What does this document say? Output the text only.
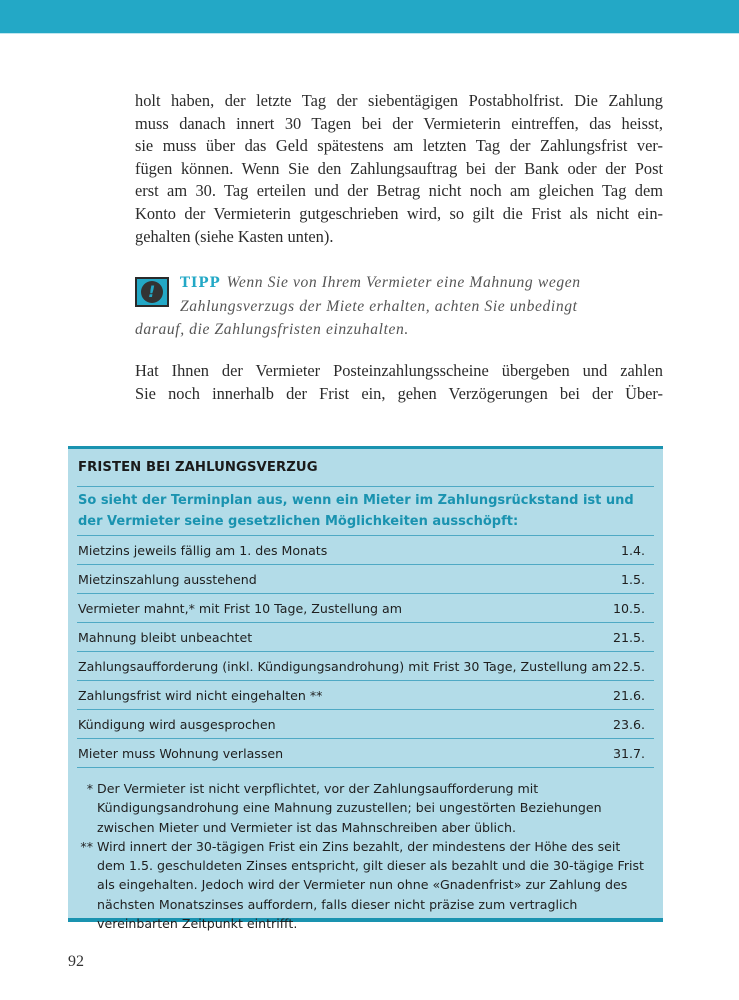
holt haben, der letzte Tag der siebentägigen Postabholfrist. Die Zahlung
muss danach innert 30 Tagen bei der Vermieterin eintreffen, das heisst,
sie muss über das Geld spätestens am letzten Tag der Zahlungsfrist ver-
fügen können. Wenn Sie den Zahlungsauftrag bei der Bank oder der Post
erst am 30. Tag erteilen und der Betrag nicht noch am gleichen Tag dem
Konto der Vermieterin gutgeschrieben wird, so gilt die Frist als nicht ein-
gehalten (siehe Kasten unten).
!	TIPP Wenn Sie von Ihrem Vermieter eine Mahnung wegen
Zahlungsverzugs der Miete erhalten, achten Sie unbedingt
darauf, die Zahlungsfristen einzuhalten.
Hat Ihnen der Vermieter Posteinzahlungsscheine übergeben und zahlen
Sie noch innerhalb der Frist ein, gehen Verzögerungen bei der Über-
FRISTEN BEI ZAHLUNGSVERZUG
So sieht der Terminplan aus, wenn ein Mieter im Zahlungsrückstand ist und der Vermieter seine gesetzlichen Möglichkeiten ausschöpft:
Mietzins jeweils fällig am 1. des Monats	1.4.
Mietzinszahlung ausstehend	1.5.
Vermieter mahnt,* mit Frist 10 Tage, Zustellung am	10.5.
Mahnung bleibt unbeachtet	21.5.
Zahlungsaufforderung (inkl. Kündigungsandrohung) mit Frist 30 Tage, Zustellung am 22.5.
Zahlungsfrist wird nicht eingehalten **	21.6.
Kündigung wird ausgesprochen	23.6.
Mieter muss Wohnung verlassen	31.7.
* Der Vermieter ist nicht verpflichtet, vor der Zahlungsaufforderung mit Kündigungsandrohung eine Mahnung zuzustellen; bei ungestörten Beziehungen zwischen Mieter und Vermieter ist das Mahnschreiben aber üblich.
** Wird innert der 30-tägigen Frist ein Zins bezahlt, der mindestens der Höhe des seit dem 1.5. geschuldeten Zinses entspricht, gilt dieser als bezahlt und die 30-tägige Frist als eingehalten. Jedoch wird der Vermieter nun ohne «Gnadenfrist» zur Zahlung des nächsten Monatszinses auffordern, falls dieser nicht präzise zum vertraglich vereinbarten Zeitpunkt eintrifft.
92
